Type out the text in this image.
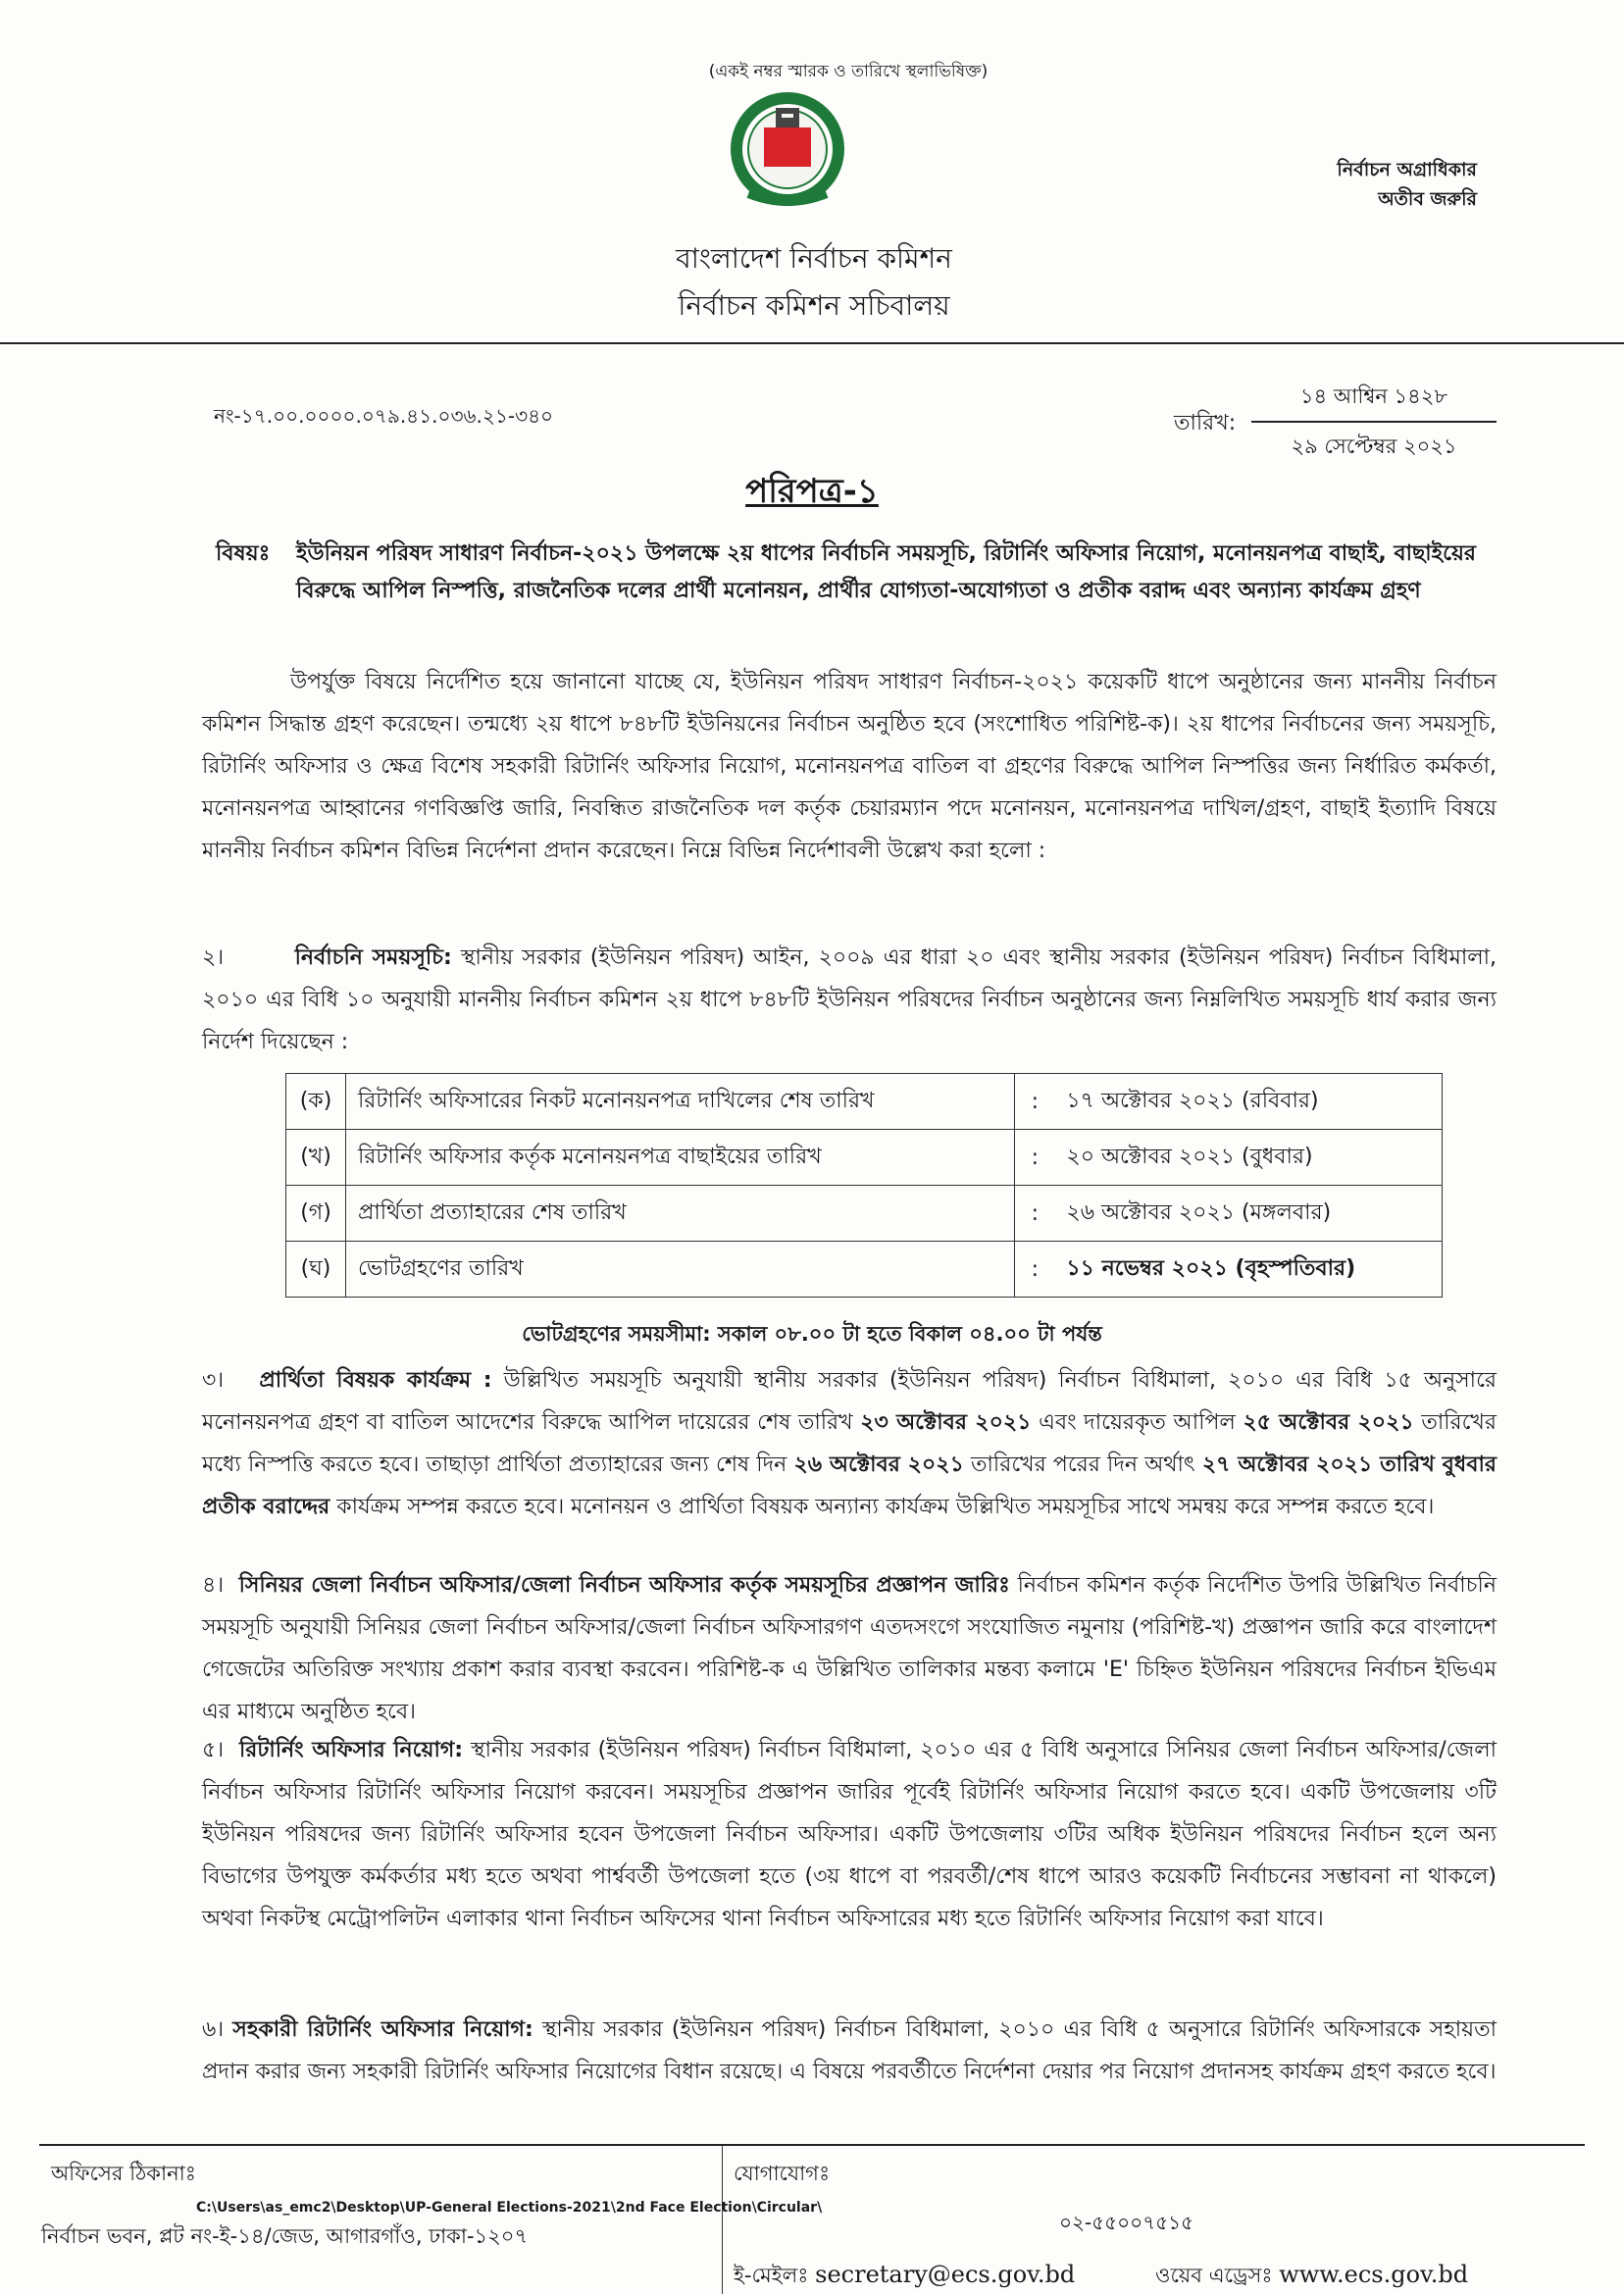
(একই নম্বর স্মারক ও তারিখে স্থলাভিষিক্ত)
নির্বাচন অগ্রাধিকার
অতীব জরুরি
বাংলাদেশ নির্বাচন কমিশন
নির্বাচন কমিশন সচিবালয়
নং-১৭.০০.০০০০.০৭৯.৪১.০৩৬.২১-৩৪০	তারিখ:
১৪ আশ্বিন ১৪২৮
২৯ সেপ্টেম্বর ২০২১
পরিপত্র-১
বিষয়ঃ ইউনিয়ন পরিষদ সাধারণ নির্বাচন-২০২১ উপলক্ষে ২য় ধাপের নির্বাচনি সময়সূচি, রিটার্নিং অফিসার নিয়োগ, মনোনয়নপত্র বাছাই, বাছাইয়ের বিরুদ্ধে আপিল নিস্পত্তি, রাজনৈতিক দলের প্রার্থী মনোনয়ন, প্রার্থীর যোগ্যতা-অযোগ্যতা ও প্রতীক বরাদ্দ এবং অন্যান্য কার্যক্রম গ্রহণ
উপর্যুক্ত বিষয়ে নির্দেশিত হয়ে জানানো যাচ্ছে যে, ইউনিয়ন পরিষদ সাধারণ নির্বাচন-২০২১ কয়েকটি ধাপে অনুষ্ঠানের জন্য মাননীয় নির্বাচন কমিশন সিদ্ধান্ত গ্রহণ করেছেন। তন্মধ্যে ২য় ধাপে ৮৪৮টি ইউনিয়নের নির্বাচন অনুষ্ঠিত হবে (সংশোধিত পরিশিষ্ট-ক)। ২য় ধাপের নির্বাচনের জন্য সময়সূচি, রিটার্নিং অফিসার ও ক্ষেত্র বিশেষ সহকারী রিটার্নিং অফিসার নিয়োগ, মনোনয়নপত্র বাতিল বা গ্রহণের বিরুদ্ধে আপিল নিস্পত্তির জন্য নির্ধারিত কর্মকর্তা, মনোনয়নপত্র আহ্বানের গণবিজ্ঞপ্তি জারি, নিবন্ধিত রাজনৈতিক দল কর্তৃক চেয়ারম্যান পদে মনোনয়ন, মনোনয়নপত্র দাখিল/গ্রহণ, বাছাই ইত্যাদি বিষয়ে মাননীয় নির্বাচন কমিশন বিভিন্ন নির্দেশনা প্রদান করেছেন। নিম্নে বিভিন্ন নির্দেশাবলী উল্লেখ করা হলো :
২।	নির্বাচনি সময়সূচি: স্থানীয় সরকার (ইউনিয়ন পরিষদ) আইন, ২০০৯ এর ধারা ২০ এবং স্থানীয় সরকার (ইউনিয়ন পরিষদ) নির্বাচন বিধিমালা, ২০১০ এর বিধি ১০ অনুযায়ী মাননীয় নির্বাচন কমিশন ২য় ধাপে ৮৪৮টি ইউনিয়ন পরিষদের নির্বাচন অনুষ্ঠানের জন্য নিম্নলিখিত সময়সূচি ধার্য করার জন্য নির্দেশ দিয়েছেন :
(ক)	রিটার্নিং অফিসারের নিকট মনোনয়নপত্র দাখিলের শেষ তারিখ	:	১৭ অক্টোবর ২০২১ (রবিবার)
(খ)	রিটার্নিং অফিসার কর্তৃক মনোনয়নপত্র বাছাইয়ের তারিখ	:	২০ অক্টোবর ২০২১ (বুধবার)
(গ)	প্রার্থিতা প্রত্যাহারের শেষ তারিখ	:	২৬ অক্টোবর ২০২১ (মঙ্গলবার)
(ঘ)	ভোটগ্রহণের তারিখ	:	১১ নভেম্বর ২০২১ (বৃহস্পতিবার)
ভোটগ্রহণের সময়সীমা: সকাল ০৮.০০ টা হতে বিকাল ০৪.০০ টা পর্যন্ত
৩। প্রার্থিতা বিষয়ক কার্যক্রম : উল্লিখিত সময়সূচি অনুযায়ী স্থানীয় সরকার (ইউনিয়ন পরিষদ) নির্বাচন বিধিমালা, ২০১০ এর বিধি ১৫ অনুসারে মনোনয়নপত্র গ্রহণ বা বাতিল আদেশের বিরুদ্ধে আপিল দায়েরের শেষ তারিখ ২৩ অক্টোবর ২০২১ এবং দায়েরকৃত আপিল ২৫ অক্টোবর ২০২১ তারিখের মধ্যে নিস্পত্তি করতে হবে। তাছাড়া প্রার্থিতা প্রত্যাহারের জন্য শেষ দিন ২৬ অক্টোবর ২০২১ তারিখের পরের দিন অর্থাৎ ২৭ অক্টোবর ২০২১ তারিখ বুধবার প্রতীক বরাদ্দের কার্যক্রম সম্পন্ন করতে হবে। মনোনয়ন ও প্রার্থিতা বিষয়ক অন্যান্য কার্যক্রম উল্লিখিত সময়সূচির সাথে সমন্বয় করে সম্পন্ন করতে হবে।
৪। সিনিয়র জেলা নির্বাচন অফিসার/জেলা নির্বাচন অফিসার কর্তৃক সময়সূচির প্রজ্ঞাপন জারিঃ নির্বাচন কমিশন কর্তৃক নির্দেশিত উপরি উল্লিখিত নির্বাচনি সময়সূচি অনুযায়ী সিনিয়র জেলা নির্বাচন অফিসার/জেলা নির্বাচন অফিসারগণ এতদসংগে সংযোজিত নমুনায় (পরিশিষ্ট-খ) প্রজ্ঞাপন জারি করে বাংলাদেশ গেজেটের অতিরিক্ত সংখ্যায় প্রকাশ করার ব্যবস্থা করবেন। পরিশিষ্ট-ক এ উল্লিখিত তালিকার মন্তব্য কলামে 'E' চিহ্নিত ইউনিয়ন পরিষদের নির্বাচন ইভিএম এর মাধ্যমে অনুষ্ঠিত হবে।
৫। রিটার্নিং অফিসার নিয়োগ: স্থানীয় সরকার (ইউনিয়ন পরিষদ) নির্বাচন বিধিমালা, ২০১০ এর ৫ বিধি অনুসারে সিনিয়র জেলা নির্বাচন অফিসার/জেলা নির্বাচন অফিসার রিটার্নিং অফিসার নিয়োগ করবেন। সময়সূচির প্রজ্ঞাপন জারির পূর্বেই রিটার্নিং অফিসার নিয়োগ করতে হবে। একটি উপজেলায় ৩টি ইউনিয়ন পরিষদের জন্য রিটার্নিং অফিসার হবেন উপজেলা নির্বাচন অফিসার। একটি উপজেলায় ৩টির অধিক ইউনিয়ন পরিষদের নির্বাচন হলে অন্য বিভাগের উপযুক্ত কর্মকর্তার মধ্য হতে অথবা পার্শ্ববর্তী উপজেলা হতে (৩য় ধাপে বা পরবর্তী/শেষ ধাপে আরও কয়েকটি নির্বাচনের সম্ভাবনা না থাকলে) অথবা নিকটস্থ মেট্রোপলিটন এলাকার থানা নির্বাচন অফিসের থানা নির্বাচন অফিসারের মধ্য হতে রিটার্নিং অফিসার নিয়োগ করা যাবে।
৬। সহকারী রিটার্নিং অফিসার নিয়োগ: স্থানীয় সরকার (ইউনিয়ন পরিষদ) নির্বাচন বিধিমালা, ২০১০ এর বিধি ৫ অনুসারে রিটার্নিং অফিসারকে সহায়তা প্রদান করার জন্য সহকারী রিটার্নিং অফিসার নিয়োগের বিধান রয়েছে। এ বিষয়ে পরবর্তীতে নির্দেশনা দেয়ার পর নিয়োগ প্রদানসহ কার্যক্রম গ্রহণ করতে হবে।
অফিসের ঠিকানাঃ
C:\Users\as_emc2\Desktop\UP-General Elections-2021\2nd Face Election\Circular\
নির্বাচন ভবন, প্লট নং-ই-১৪/জেড, আগারগাঁও, ঢাকা-১২০৭
যোগাযোগঃ
০২-৫৫০০৭৫১৫
ই-মেইলঃ secretary@ecs.gov.bd	ওয়েব এড্রেসঃ www.ecs.gov.bd
